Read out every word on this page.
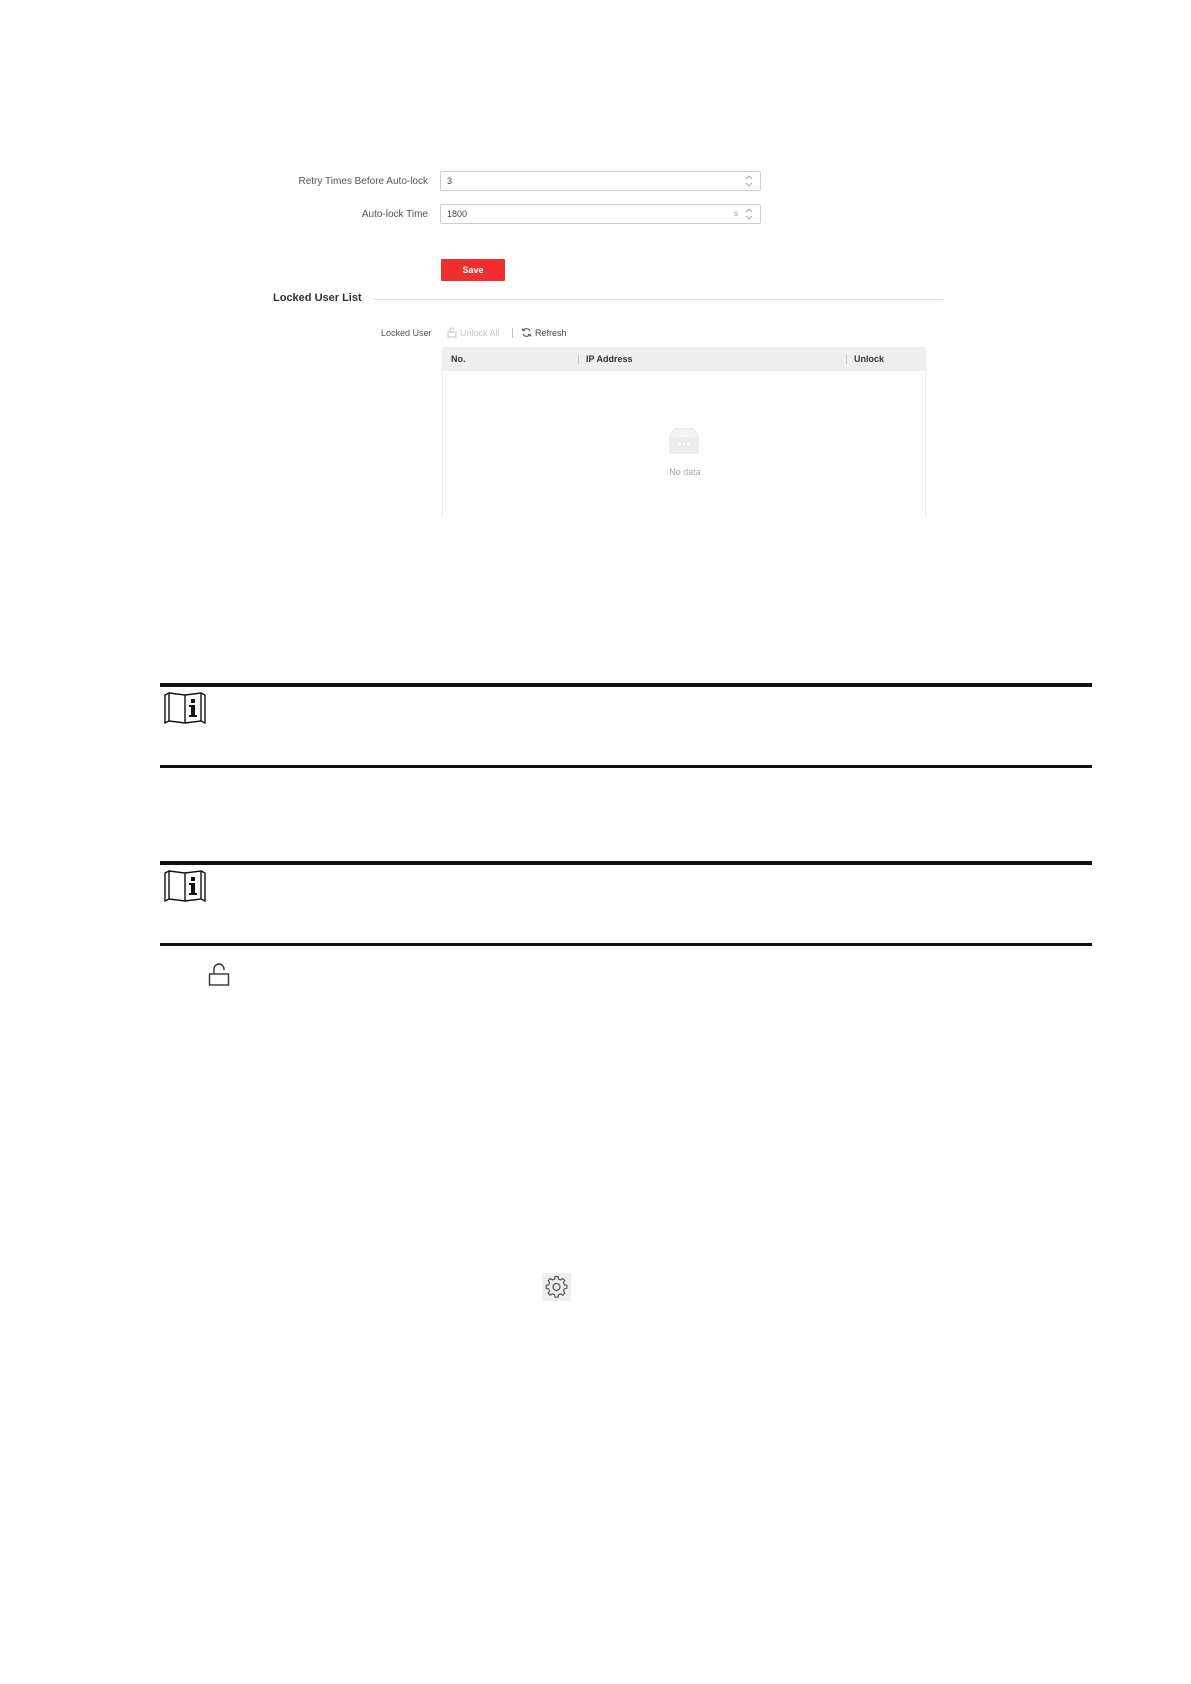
Retry Times Before Auto-lock	3
Auto-lock Time	1800	s
Save
Locked User List
Locked User	Unlock All	Refresh
No.	IP Address	Unlock
No data
